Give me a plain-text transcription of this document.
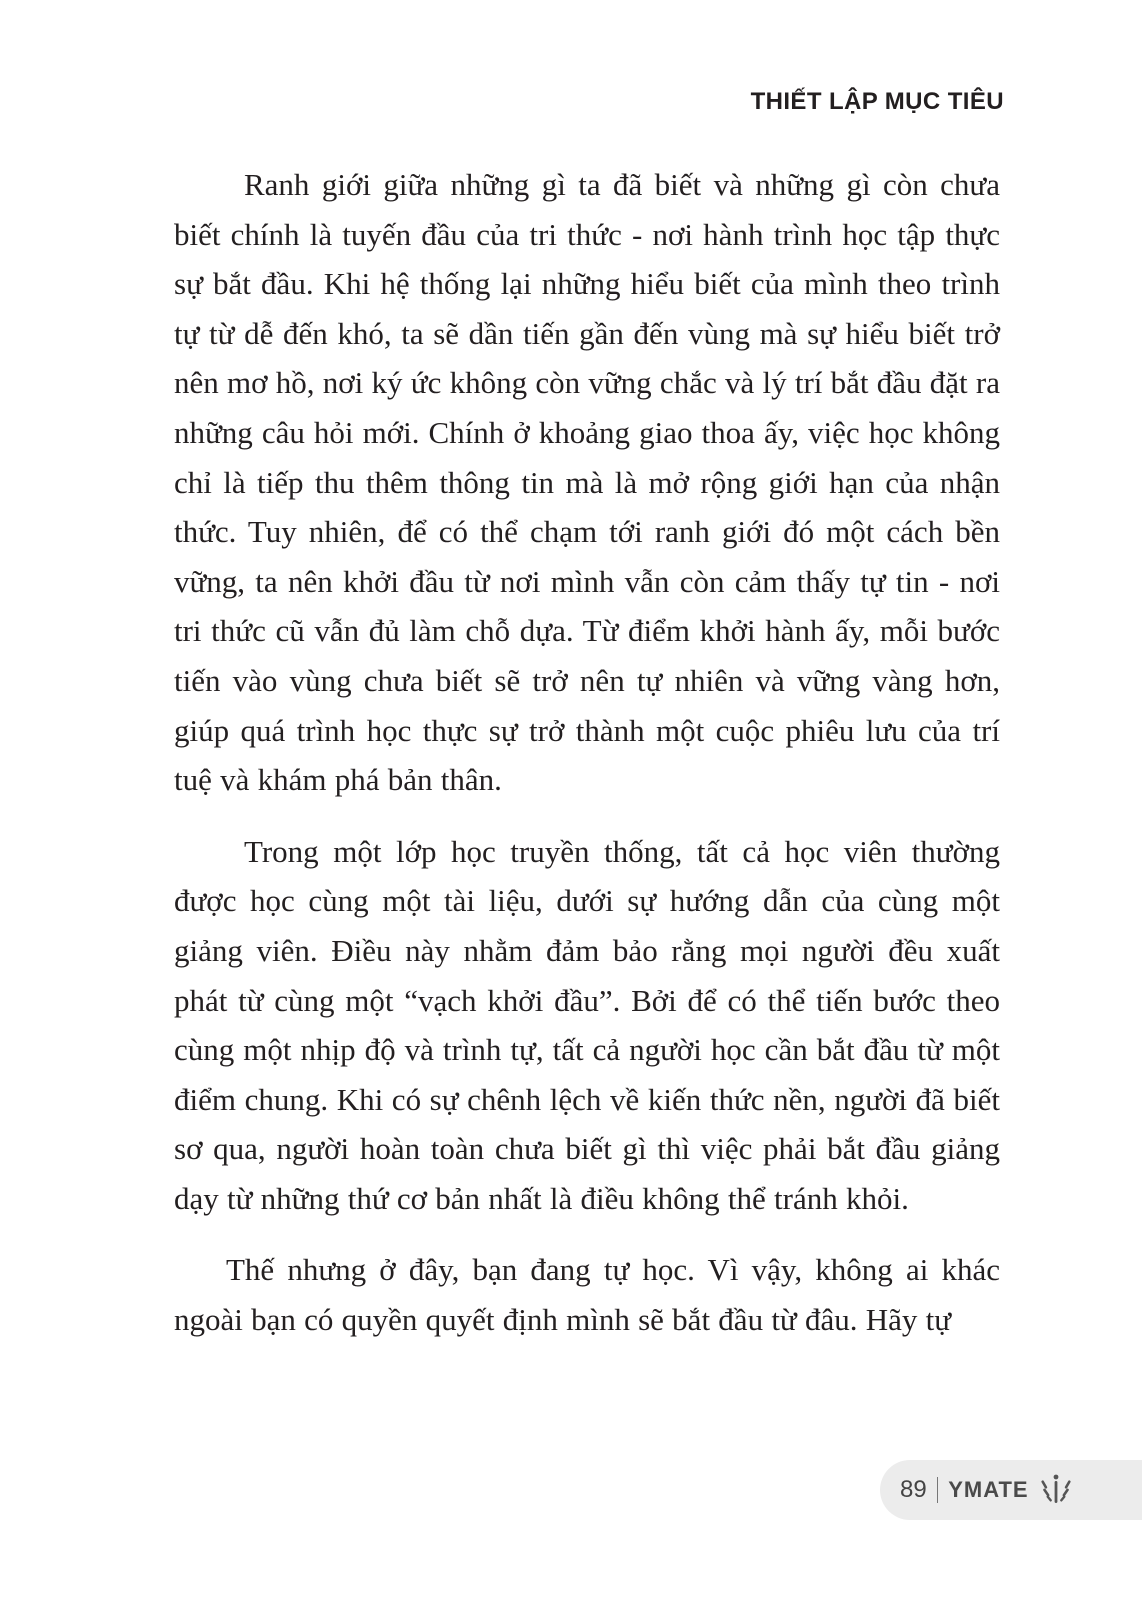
THIẾT LẬP MỤC TIÊU

Ranh giới giữa những gì ta đã biết và những gì còn chưa biết chính là tuyến đầu của tri thức - nơi hành trình học tập thực sự bắt đầu. Khi hệ thống lại những hiểu biết của mình theo trình tự từ dễ đến khó, ta sẽ dần tiến gần đến vùng mà sự hiểu biết trở nên mơ hồ, nơi ký ức không còn vững chắc và lý trí bắt đầu đặt ra những câu hỏi mới. Chính ở khoảng giao thoa ấy, việc học không chỉ là tiếp thu thêm thông tin mà là mở rộng giới hạn của nhận thức. Tuy nhiên, để có thể chạm tới ranh giới đó một cách bền vững, ta nên khởi đầu từ nơi mình vẫn còn cảm thấy tự tin - nơi tri thức cũ vẫn đủ làm chỗ dựa. Từ điểm khởi hành ấy, mỗi bước tiến vào vùng chưa biết sẽ trở nên tự nhiên và vững vàng hơn, giúp quá trình học thực sự trở thành một cuộc phiêu lưu của trí tuệ và khám phá bản thân.

Trong một lớp học truyền thống, tất cả học viên thường được học cùng một tài liệu, dưới sự hướng dẫn của cùng một giảng viên. Điều này nhằm đảm bảo rằng mọi người đều xuất phát từ cùng một “vạch khởi đầu”. Bởi để có thể tiến bước theo cùng một nhịp độ và trình tự, tất cả người học cần bắt đầu từ một điểm chung. Khi có sự chênh lệch về kiến thức nền, người đã biết sơ qua, người hoàn toàn chưa biết gì thì việc phải bắt đầu giảng dạy từ những thứ cơ bản nhất là điều không thể tránh khỏi.

Thế nhưng ở đây, bạn đang tự học. Vì vậy, không ai khác ngoài bạn có quyền quyết định mình sẽ bắt đầu từ đâu. Hãy tự

89 YMATE
